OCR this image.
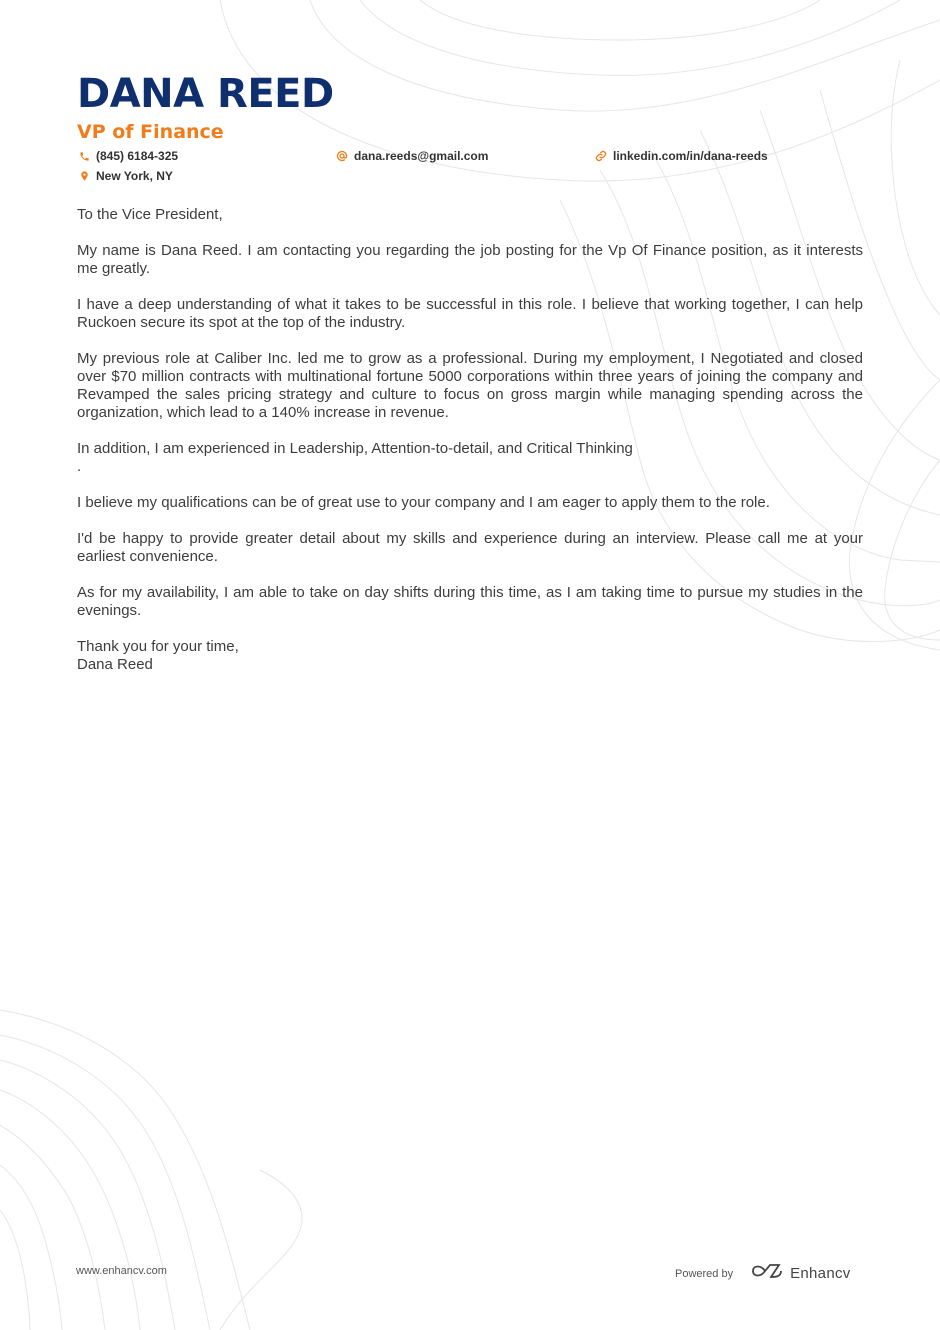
DANA REED
VP of Finance
(845) 6184-325	dana.reeds@gmail.com	linkedin.com/in/dana-reeds
New York, NY

To the Vice President,

My name is Dana Reed. I am contacting you regarding the job posting for the Vp Of Finance position, as it interests me greatly.

I have a deep understanding of what it takes to be successful in this role. I believe that working together, I can help Ruckoen secure its spot at the top of the industry.

My previous role at Caliber Inc. led me to grow as a professional. During my employment, I Negotiated and closed over $70 million contracts with multinational fortune 5000 corporations within three years of joining the company and Revamped the sales pricing strategy and culture to focus on gross margin while managing spending across the organization, which lead to a 140% increase in revenue.

In addition, I am experienced in Leadership, Attention-to-detail, and Critical Thinking
.

I believe my qualifications can be of great use to your company and I am eager to apply them to the role.

I'd be happy to provide greater detail about my skills and experience during an interview. Please call me at your earliest convenience.

As for my availability, I am able to take on day shifts during this time, as I am taking time to pursue my studies in the evenings.

Thank you for your time,

Dana Reed

www.enhancv.com	Powered by	Enhancv
